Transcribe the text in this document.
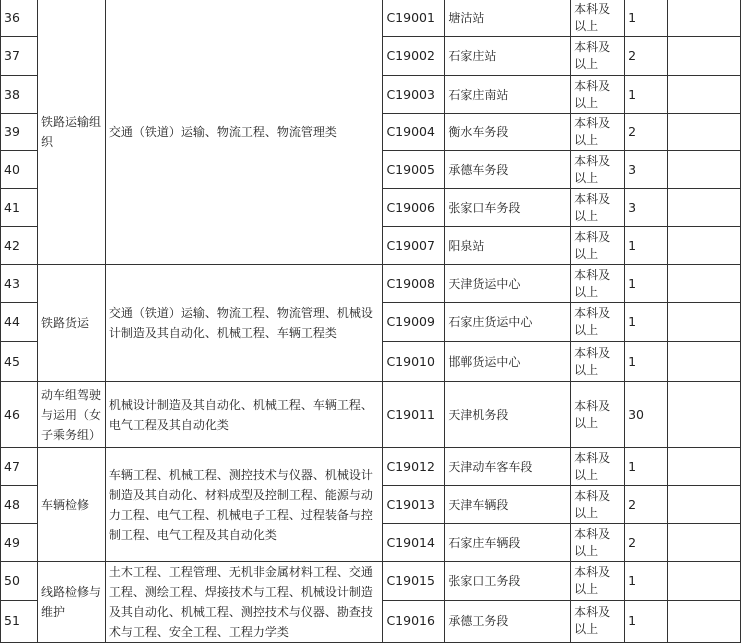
36	铁路运输组织	交通（铁道）运输、物流工程、物流管理类	C19001	塘沽站	本科及以上	1	
37			C19002	石家庄站	本科及以上	2	
38			C19003	石家庄南站	本科及以上	1	
39			C19004	衡水车务段	本科及以上	2	
40			C19005	承德车务段	本科及以上	3	
41			C19006	张家口车务段	本科及以上	3	
42			C19007	阳泉站	本科及以上	1	
43	铁路货运	交通（铁道）运输、物流工程、物流管理、机械设计制造及其自动化、机械工程、车辆工程类	C19008	天津货运中心	本科及以上	1	
44			C19009	石家庄货运中心	本科及以上	1	
45			C19010	邯郸货运中心	本科及以上	1	
46	动车组驾驶与运用（女子乘务组）	机械设计制造及其自动化、机械工程、车辆工程、电气工程及其自动化类	C19011	天津机务段	本科及以上	30	
47	车辆检修	车辆工程、机械工程、测控技术与仪器、机械设计制造及其自动化、材料成型及控制工程、能源与动力工程、电气工程、机械电子工程、过程装备与控制工程、电气工程及其自动化类	C19012	天津动车客车段	本科及以上	1	
48			C19013	天津车辆段	本科及以上	2	
49			C19014	石家庄车辆段	本科及以上	2	
50	线路检修与维护	土木工程、工程管理、无机非金属材料工程、交通工程、测绘工程、焊接技术与工程、机械设计制造及其自动化、机械工程、测控技术与仪器、勘查技术与工程、安全工程、工程力学类	C19015	张家口工务段	本科及以上	1	
51			C19016	承德工务段	本科及以上	1	
